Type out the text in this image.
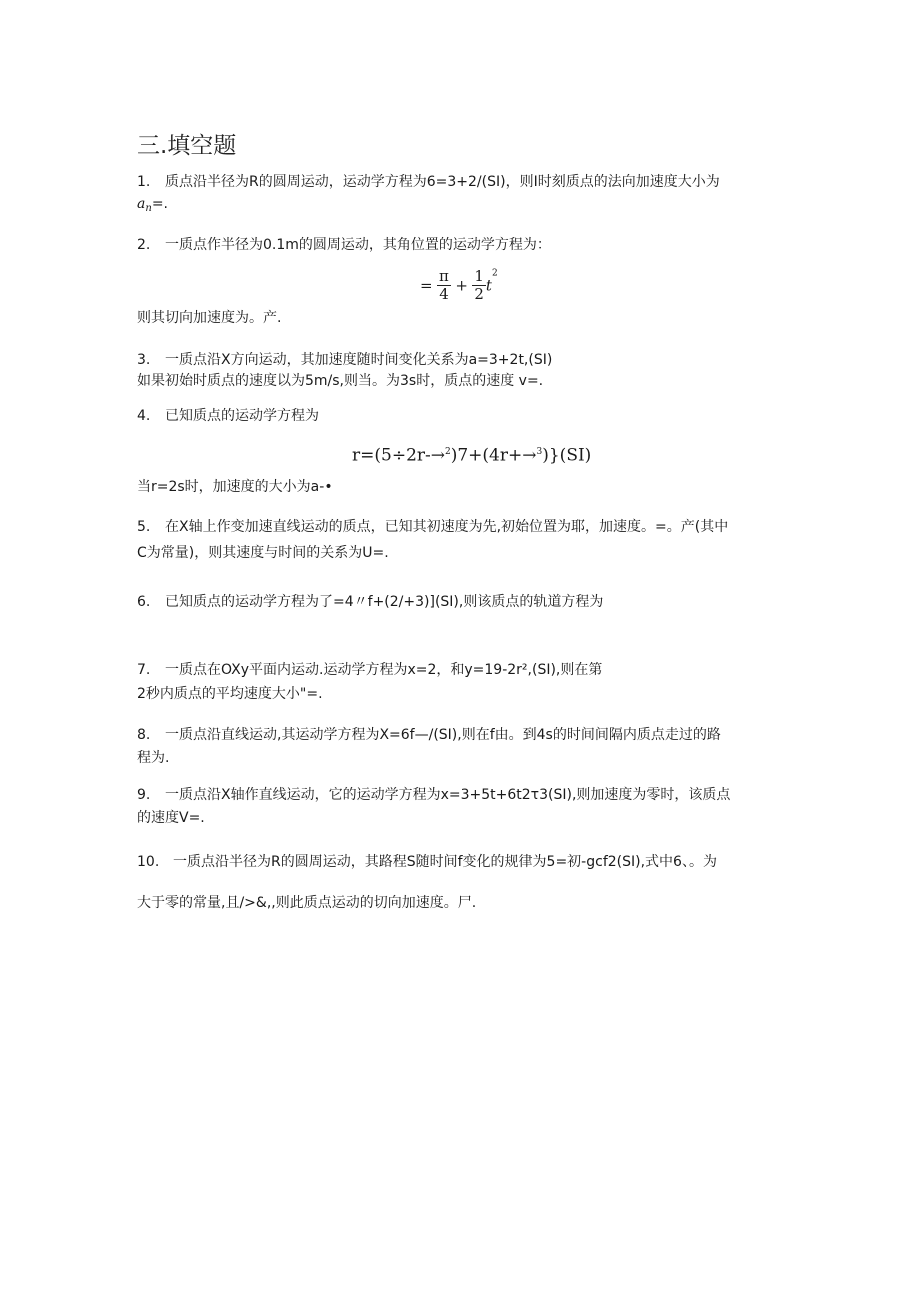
三.填空题
1. 质点沿半径为R的圆周运动，运动学方程为6=3+2/(SI)，则I时刻质点的法向加速度大小为
$a_n=$.
2. 一质点作半径为0.1m的圆周运动，其角位置的运动学方程为：
= $\frac{\pi}{4} + \frac{1}{2} t^2$
则其切向加速度为。产.
3. 一质点沿X方向运动，其加速度随时间变化关系为a=3+2t,(SI)
如果初始时质点的速度以为5m/s,则当。为3s时，质点的速度 v=.
4. 已知质点的运动学方程为
r=(5÷2r-→$^2$)7+(4r+→$^3$)}(SI)
当r=2s时，加速度的大小为a-•
5. 在X轴上作变加速直线运动的质点，已知其初速度为先,初始位置为耶，加速度。=。产(其中
C为常量)，则其速度与时间的关系为U=.
6. 已知质点的运动学方程为了=4〃f+(2/+3)](SI),则该质点的轨道方程为
7. 一质点在OXy平面内运动.运动学方程为x=2，和y=19-2r²,(SI),则在第
2秒内质点的平均速度大小"=.
8. 一质点沿直线运动,其运动学方程为X=6f—/(SI),则在f由。到4s的时间间隔内质点走过的路
程为.
9. 一质点沿X轴作直线运动，它的运动学方程为x=3+5t+6t2τ3(SI),则加速度为零时，该质点
的速度V=.
10. 一质点沿半径为R的圆周运动，其路程S随时间f变化的规律为5=初-gcf2(SI),式中6、。为
大于零的常量,且/>&,,则此质点运动的切向加速度。尸.
